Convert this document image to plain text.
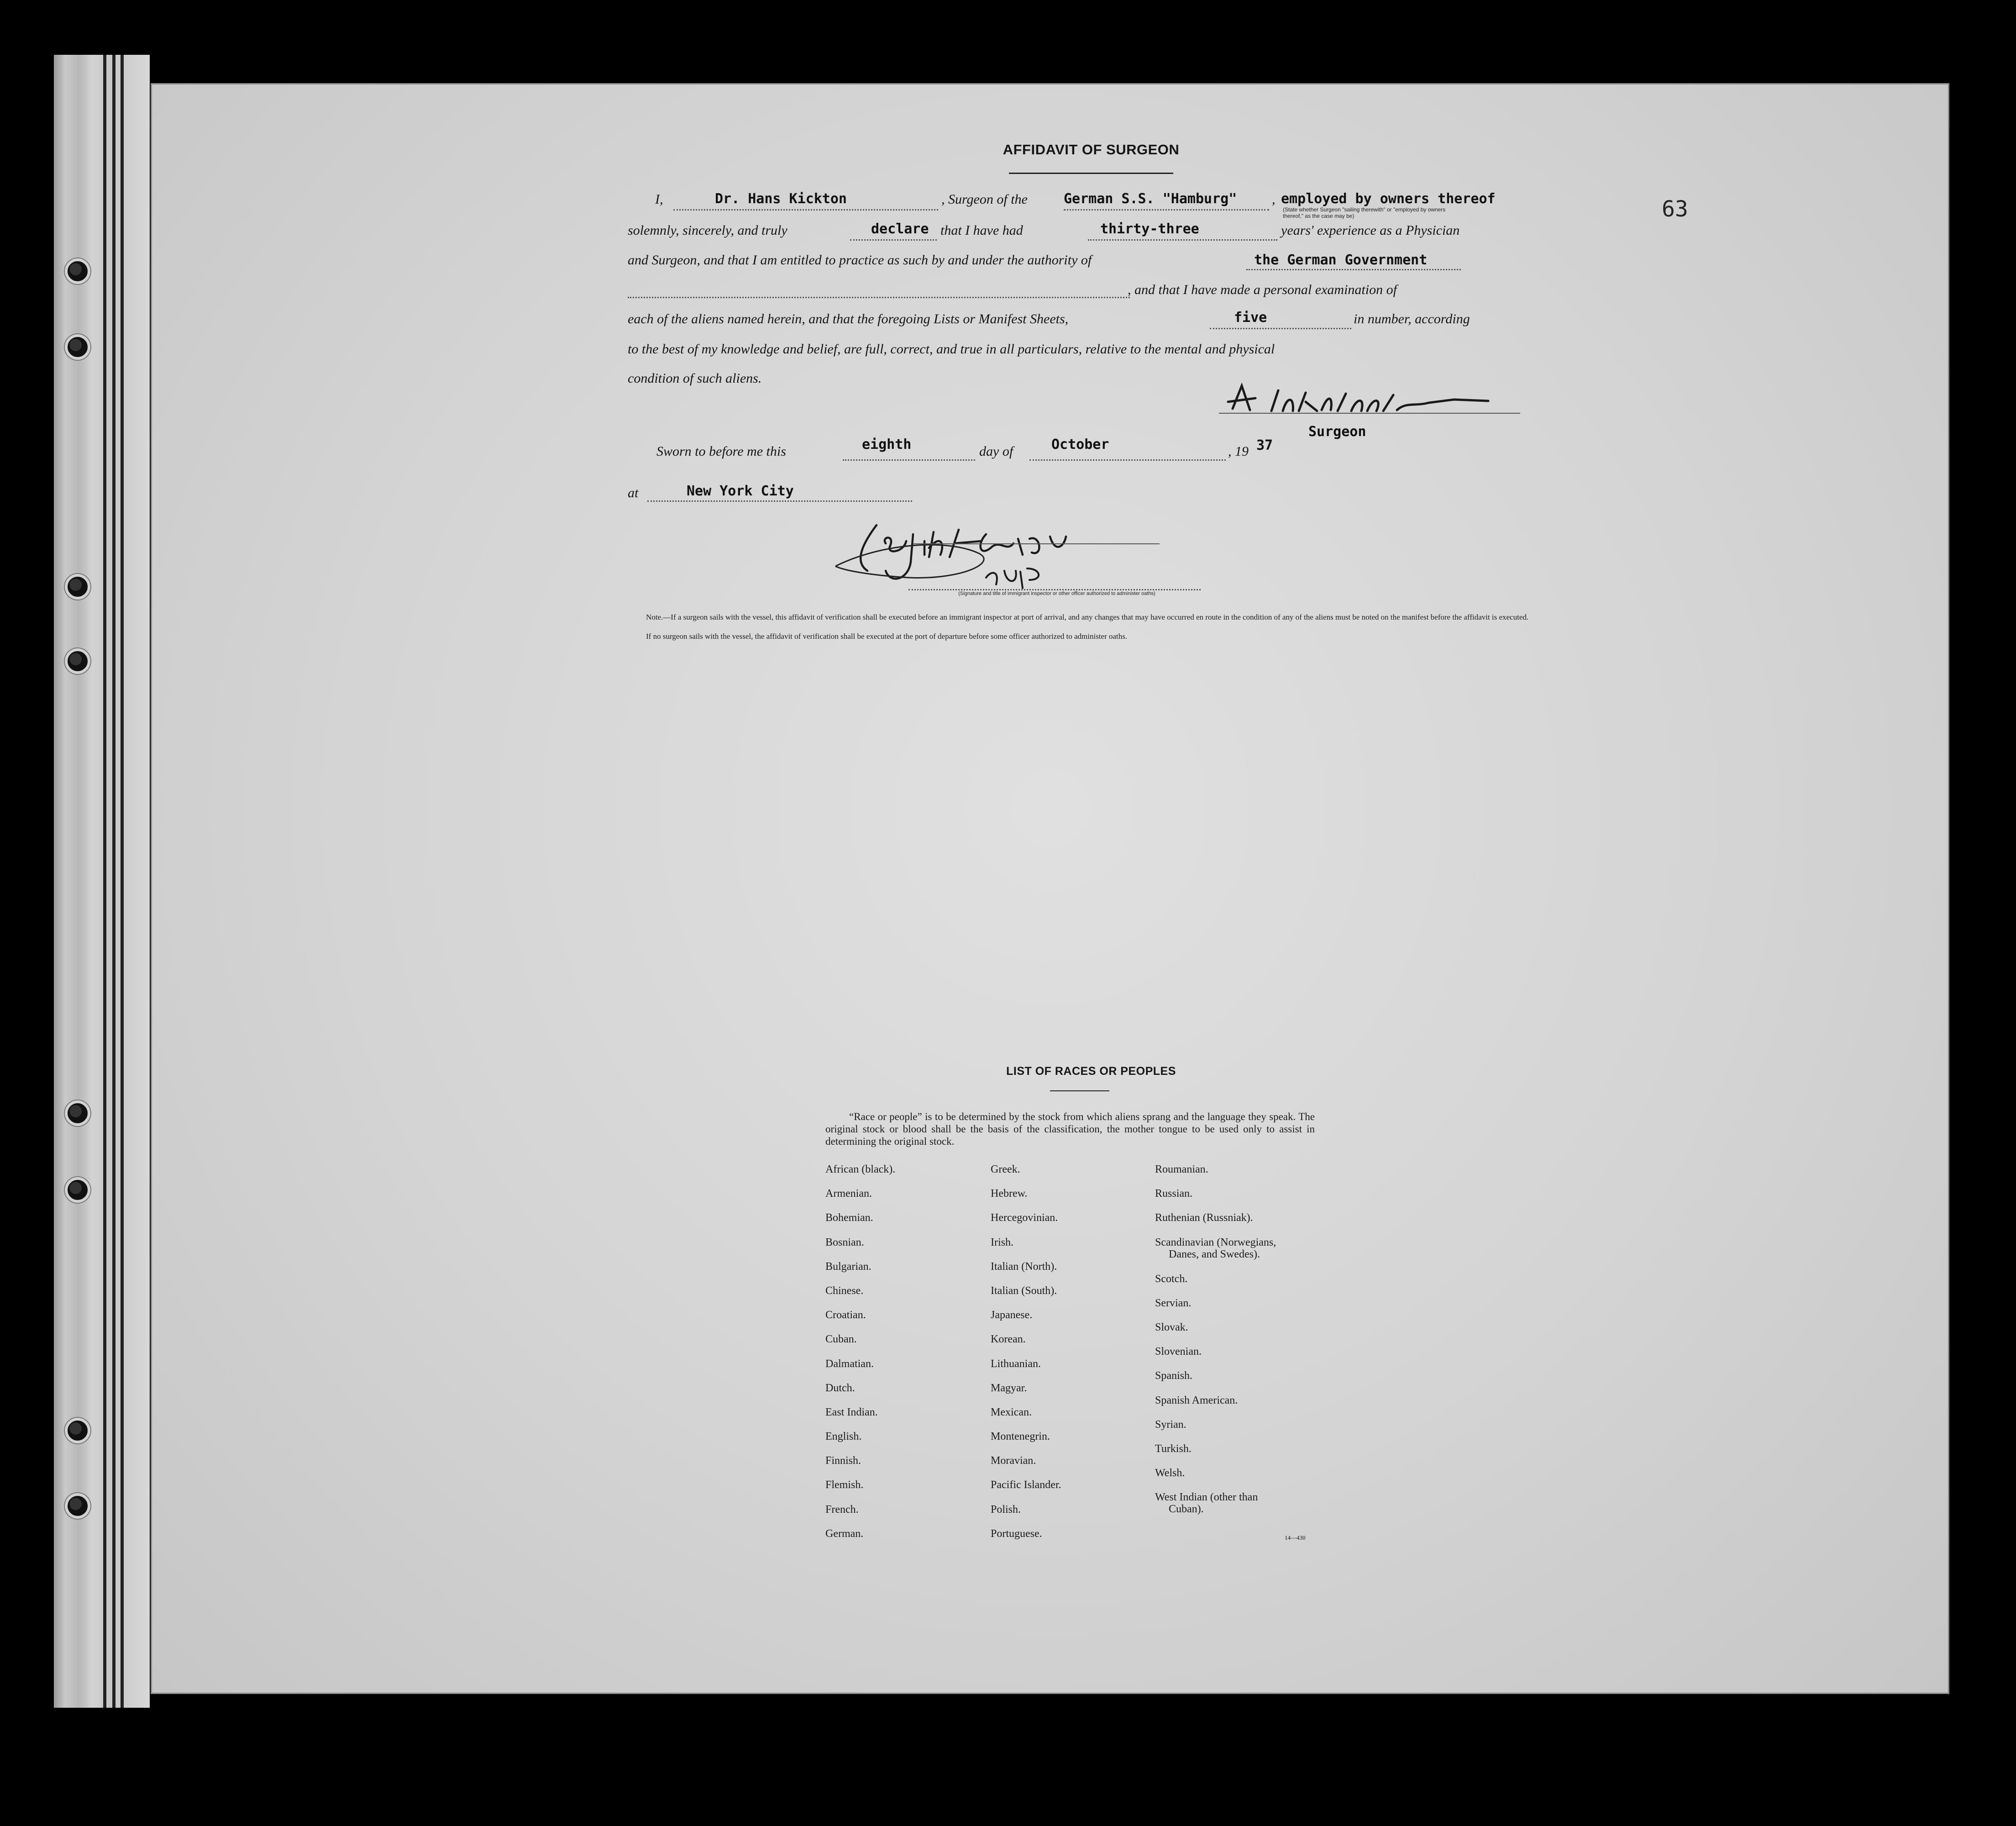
63
AFFIDAVIT OF SURGEON
I,	Dr. Hans Kickton	, Surgeon of the	German S.S. "Hamburg"	, employed by owners thereof
(State whether Surgeon "sailing therewith" or "employed by owners thereof," as the case may be)
solemnly, sincerely, and truly	declare that I have had	thirty-three	years' experience as a Physician
and Surgeon, and that I am entitled to practice as such by and under the authority of	the German Government
, and that I have made a personal examination of
each of the aliens named herein, and that the foregoing Lists or Manifest Sheets,	five	in number, according
to the best of my knowledge and belief, are full, correct, and true in all particulars, relative to the mental and physical
condition of such aliens.
Surgeon
Sworn to before me this	eighth	day of	October	, 19 37
at	New York City
(Signature and title of immigrant inspector or other officer authorized to administer oaths)
Note.—If a surgeon sails with the vessel, this affidavit of verification shall be executed before an immigrant inspector at port of arrival, and any changes that may have occurred en route in the condition of any of the aliens must be noted on the manifest before the affidavit is executed.
If no surgeon sails with the vessel, the affidavit of verification shall be executed at the port of departure before some officer authorized to administer oaths.
LIST OF RACES OR PEOPLES
“Race or people” is to be determined by the stock from which aliens sprang and the language they speak. The original stock or blood shall be the basis of the classification, the mother tongue to be used only to assist in determining the original stock.
African (black).
Armenian.
Bohemian.
Bosnian.
Bulgarian.
Chinese.
Croatian.
Cuban.
Dalmatian.
Dutch.
East Indian.
English.
Finnish.
Flemish.
French.
German.
Greek.
Hebrew.
Hercegovinian.
Irish.
Italian (North).
Italian (South).
Japanese.
Korean.
Lithuanian.
Magyar.
Mexican.
Montenegrin.
Moravian.
Pacific Islander.
Polish.
Portuguese.
Roumanian.
Russian.
Ruthenian (Russniak).
Scandinavian (Norwegians,
Danes, and Swedes).
Scotch.
Servian.
Slovak.
Slovenian.
Spanish.
Spanish American.
Syrian.
Turkish.
Welsh.
West Indian (other than
Cuban).
14—430
